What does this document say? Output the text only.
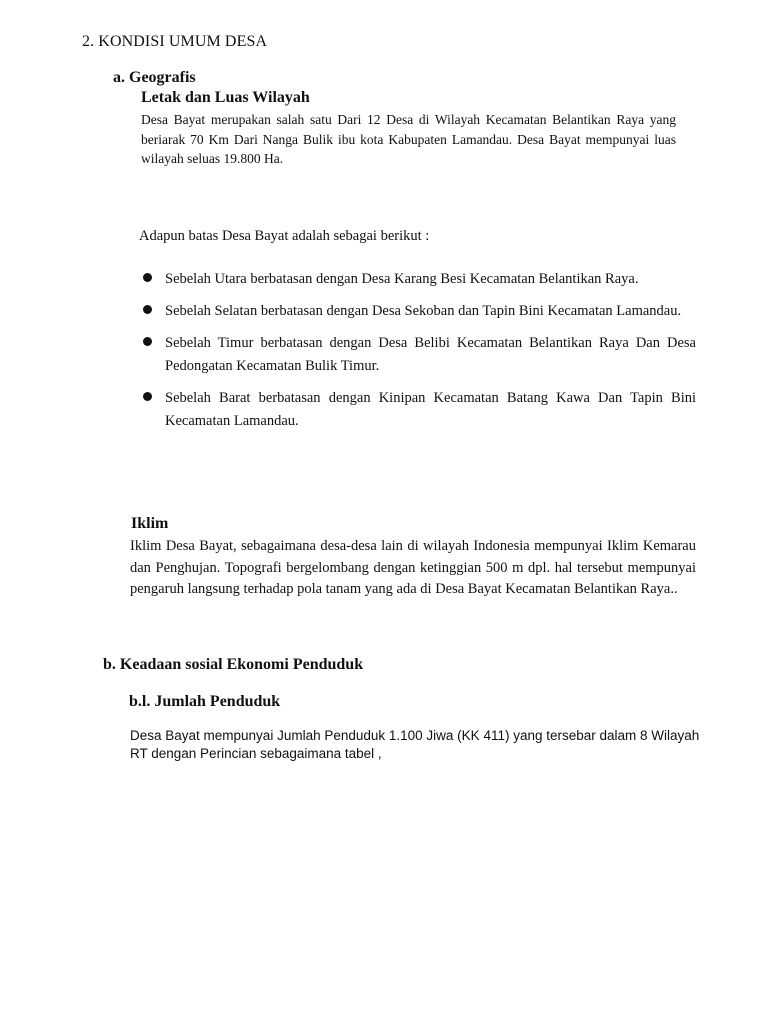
2. KONDISI UMUM DESA
a. Geografis
Letak dan Luas Wilayah
Desa Bayat merupakan salah satu Dari 12 Desa di Wilayah Kecamatan Belantikan Raya yang beriarak 70 Km Dari Nanga Bulik ibu kota Kabupaten Lamandau. Desa Bayat mempunyai luas wilayah seluas 19.800 Ha.
Adapun batas Desa Bayat adalah sebagai berikut :
Sebelah Utara berbatasan dengan Desa Karang Besi Kecamatan Belantikan Raya.
Sebelah Selatan berbatasan dengan Desa Sekoban dan Tapin Bini Kecamatan Lamandau.
Sebelah Timur berbatasan dengan Desa Belibi Kecamatan Belantikan Raya Dan Desa Pedongatan Kecamatan Bulik Timur.
Sebelah Barat berbatasan dengan Kinipan Kecamatan Batang Kawa Dan Tapin Bini Kecamatan Lamandau.
Iklim
Iklim Desa Bayat, sebagaimana desa-desa lain di wilayah Indonesia mempunyai Iklim Kemarau dan Penghujan. Topografi bergelombang dengan ketinggian 500 m dpl. hal tersebut mempunyai pengaruh langsung terhadap pola tanam yang ada di Desa Bayat Kecamatan Belantikan Raya..
b. Keadaan sosial Ekonomi Penduduk
b.l. Jumlah Penduduk
Desa Bayat mempunyai Jumlah Penduduk 1.100 Jiwa (KK 411) yang tersebar dalam 8 Wilayah RT dengan Perincian sebagaimana tabel ,
